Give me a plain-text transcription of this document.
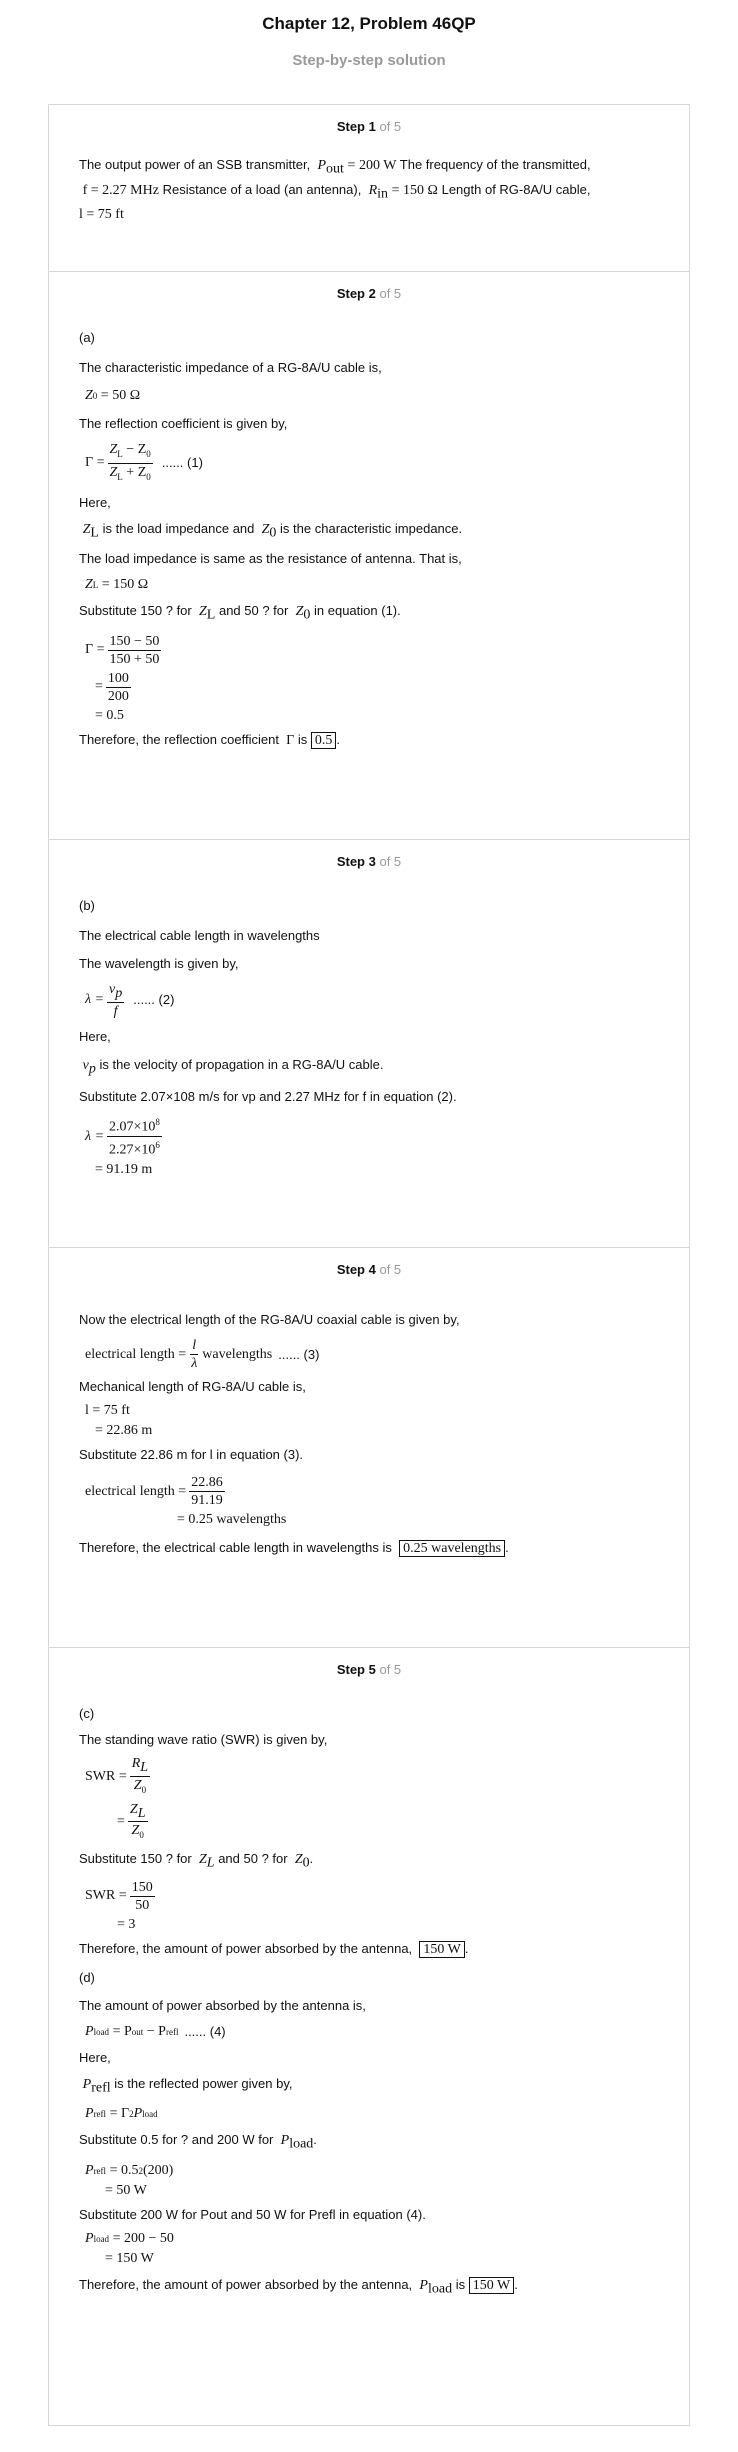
Chapter 12, Problem 46QP
Step-by-step solution
Step 1 of 5

The output power of an SSB transmitter, $P_{out} = 200$ W The frequency of the transmitted,

f = 2.27 MHz Resistance of a load (an antenna), $R_{in} = 150$ Ω Length of RG-8A/U cable,

l = 75 ft

Step 2 of 5

(a)

The characteristic impedance of a RG-8A/U cable is,

Z 0
= 50 Ω

The reflection coefficient is given by,

$\Gamma = \frac{Z_L - Z_0}{Z_L + Z_0}$ ...... (1)

Here,

$Z_L$ is the load impedance and $Z_0$ is the characteristic impedance.

The load impedance is same as the resistance of antenna. That is,

Z L
= 150 Ω

Substitute 150 ? for $Z_L$ and 50 ? for $Z_0$ in equation (1).

$\Gamma = \frac{150 - 50}{150 + 50}$
= $\frac{100}{200}$
= 0.5

Therefore, the reflection coefficient Γ is 0.5 .

Step 3 of 5

(b)

The electrical cable length in wavelengths

The wavelength is given by,

$\lambda = \frac{v_p}{f}$ ...... (2)

Here,

$v_p$ is the velocity of propagation in a RG-8A/U cable.

Substitute 2.07×108 m/s for vp and 2.27 MHz for f in equation (2).

$\lambda = \frac{2.07\times 10^8}{2.27\times 10^6}$
= 91.19 m
Step 4 of 5

Now the electrical length of the RG-8A/U coaxial cable is given by,

electrical length = $\frac{l}{\lambda}$ wavelengths ...... (3)

Mechanical length of RG-8A/U cable is,

l = 75 ft
= 22.86 m

Substitute 22.86 m for l in equation (3).

electrical length = $\frac{22.86}{91.19}$
= 0.25 wavelengths

Therefore, the electrical cable length in wavelengths is 0.25 wavelengths .

Step 5 of 5

(c)

The standing wave ratio (SWR) is given by,

SWR = $\frac{R_L}{Z_0}$
= $\frac{Z_L}{Z_0}$

Substitute 150 ? for $Z_L$ and 50 ? for $Z_0$.

SWR = $\frac{150}{50}$
= 3

Therefore, the amount of power absorbed by the antenna, 150 W .

(d)

The amount of power absorbed by the antenna is,

P load
= P out
− P refl ...... (4)

Here,

$P_{refl}$ is the reflected power given by,

P refl
= Γ 2 P load

Substitute 0.5 for ? and 200 W for $P_{load}$.

P refl
= 0.5 2 (200)
= 50 W

Substitute 200 W for Pout and 50 W for Prefl in equation (4).

P load
= 200 − 50
= 150 W

Therefore, the amount of power absorbed by the antenna, $P_{load}$ is 150 W .
